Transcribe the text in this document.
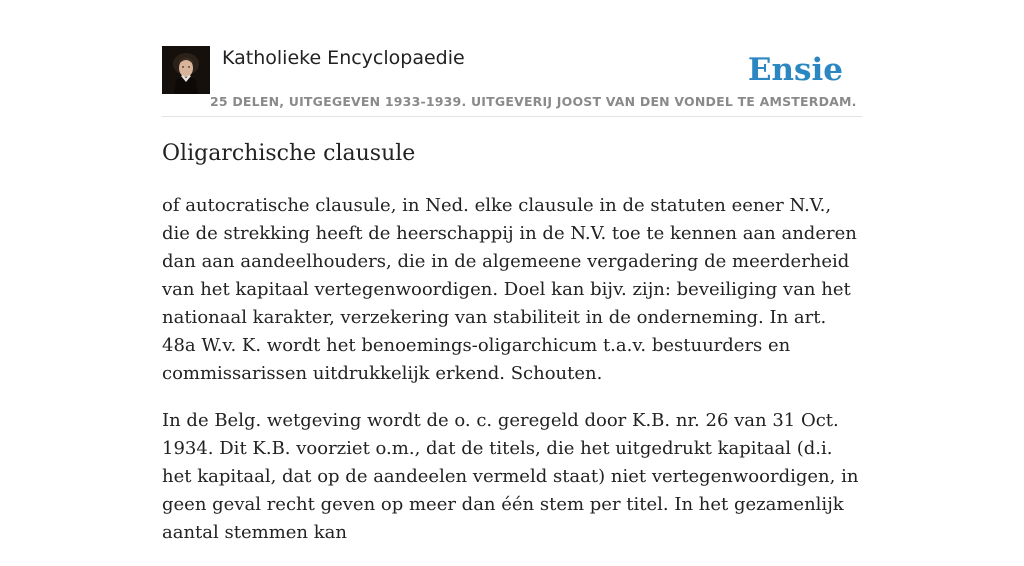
Katholieke Encyclopaedie
25 DELEN, UITGEGEVEN 1933-1939. UITGEVERIJ JOOST VAN DEN VONDEL TE AMSTERDAM.
Ensie
Oligarchische clausule

of autocratische clausule, in Ned. elke clausule in de statuten eener N.V., die de strekking heeft de heerschappij in de N.V. toe te kennen aan anderen dan aan aandeelhouders, die in de algemeene vergadering de meerderheid van het kapitaal vertegenwoordigen. Doel kan bijv. zijn: beveiliging van het nationaal karakter, verzekering van stabiliteit in de onderneming. In art. 48a W.v. K. wordt het benoemings-oligarchicum t.a.v. bestuurders en commissarissen uitdrukkelijk erkend. Schouten.

In de Belg. wetgeving wordt de o. c. geregeld door K.B. nr. 26 van 31 Oct. 1934. Dit K.B. voorziet o.m., dat de titels, die het uitgedrukt kapitaal (d.i. het kapitaal, dat op de aandeelen vermeld staat) niet vertegenwoordigen, in geen geval recht geven op meer dan één stem per titel. In het gezamenlijk aantal stemmen kan
